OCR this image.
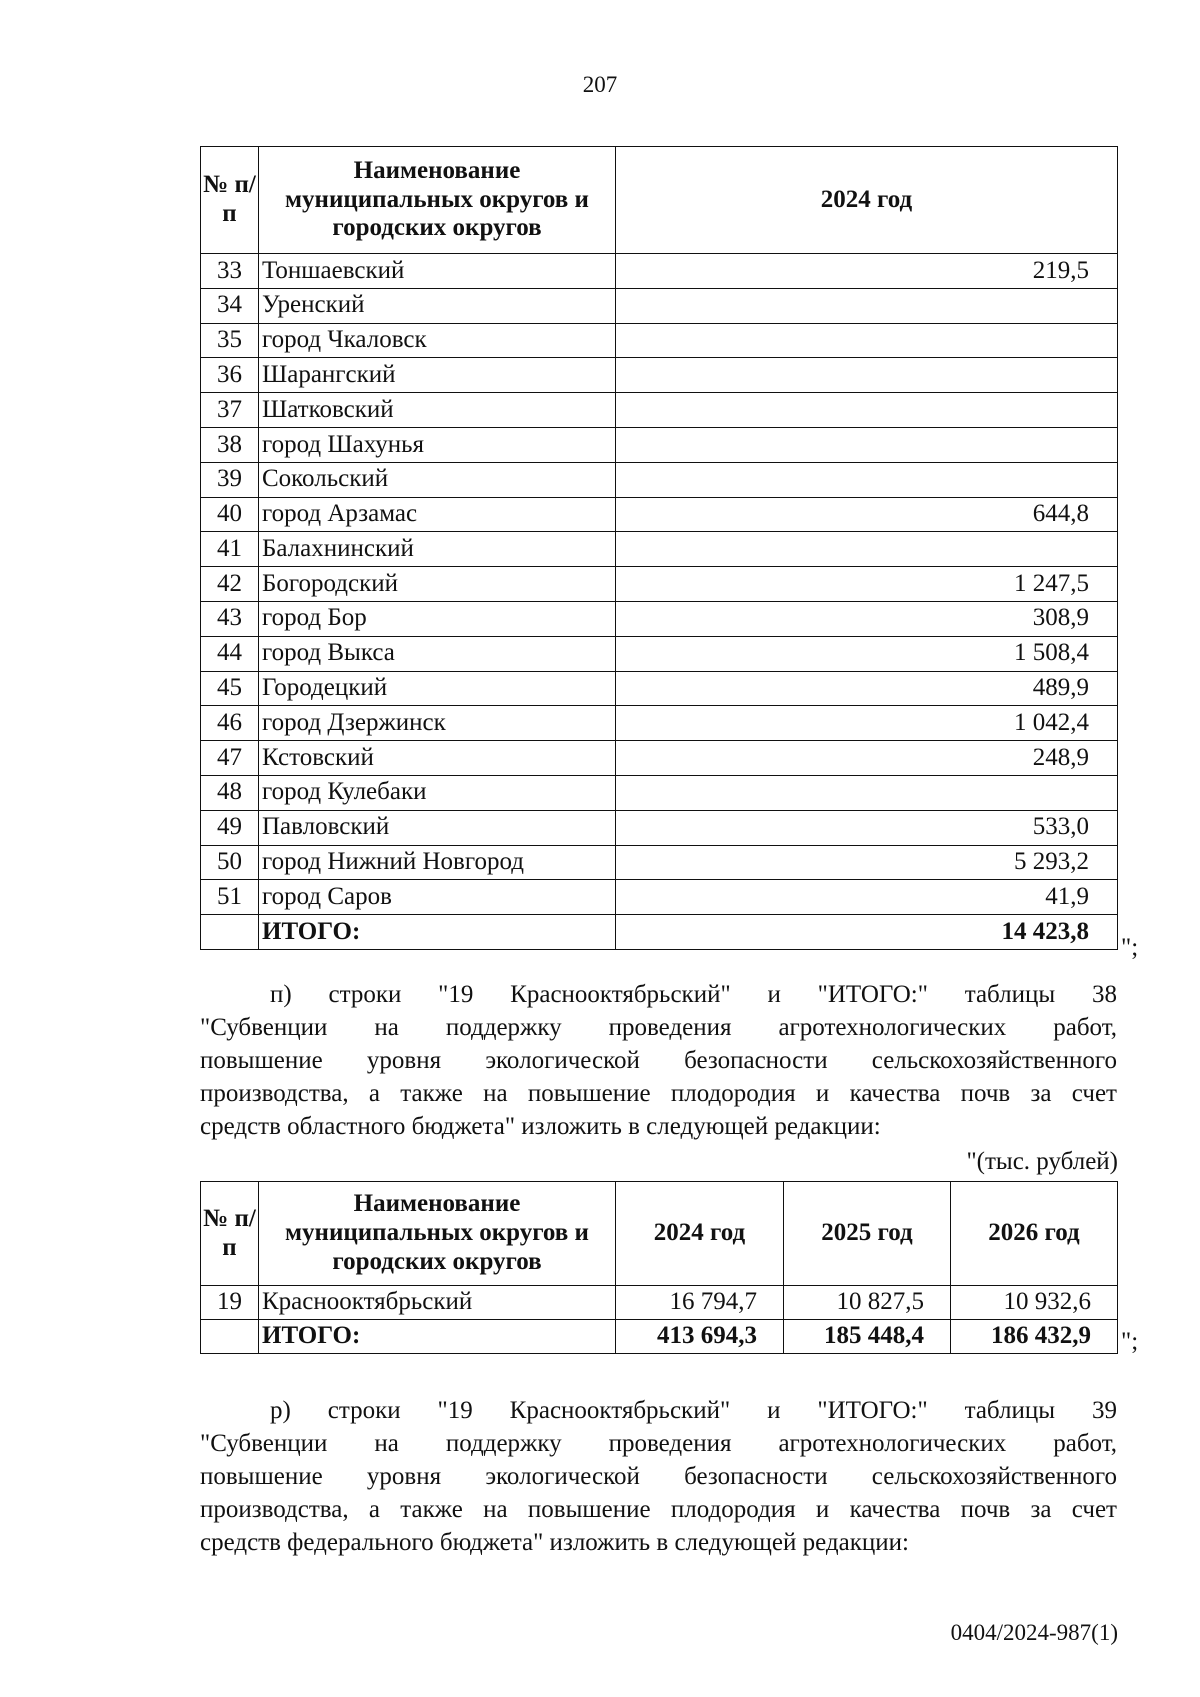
207
№ п/п	Наименование муниципальных округов и городских округов	2024 год
33	Тоншаевский	219,5
34	Уренский	
35	город Чкаловск	
36	Шарангский	
37	Шатковский	
38	город Шахунья	
39	Сокольский	
40	город Арзамас	644,8
41	Балахнинский	
42	Богородский	1 247,5
43	город Бор	308,9
44	город Выкса	1 508,4
45	Городецкий	489,9
46	город Дзержинск	1 042,4
47	Кстовский	248,9
48	город Кулебаки	
49	Павловский	533,0
50	город Нижний Новгород	5 293,2
51	город Саров	41,9
	ИТОГО:	14 423,8
";
п) строки "19 Краснооктябрьский" и "ИТОГО:" таблицы 38
"Субвенции на поддержку проведения агротехнологических работ,
повышение уровня экологической безопасности сельскохозяйственного
производства, а также на повышение плодородия и качества почв за счет
средств областного бюджета" изложить в следующей редакции:
"(тыс. рублей)
№ п/п	Наименование муниципальных округов и городских округов	2024 год	2025 год	2026 год
19	Краснооктябрьский	16 794,7	10 827,5	10 932,6
	ИТОГО:	413 694,3	185 448,4	186 432,9 ";
р) строки "19 Краснооктябрьский" и "ИТОГО:" таблицы 39
"Субвенции на поддержку проведения агротехнологических работ,
повышение уровня экологической безопасности сельскохозяйственного
производства, а также на повышение плодородия и качества почв за счет
средств федерального бюджета" изложить в следующей редакции:
0404/2024-987(1)
